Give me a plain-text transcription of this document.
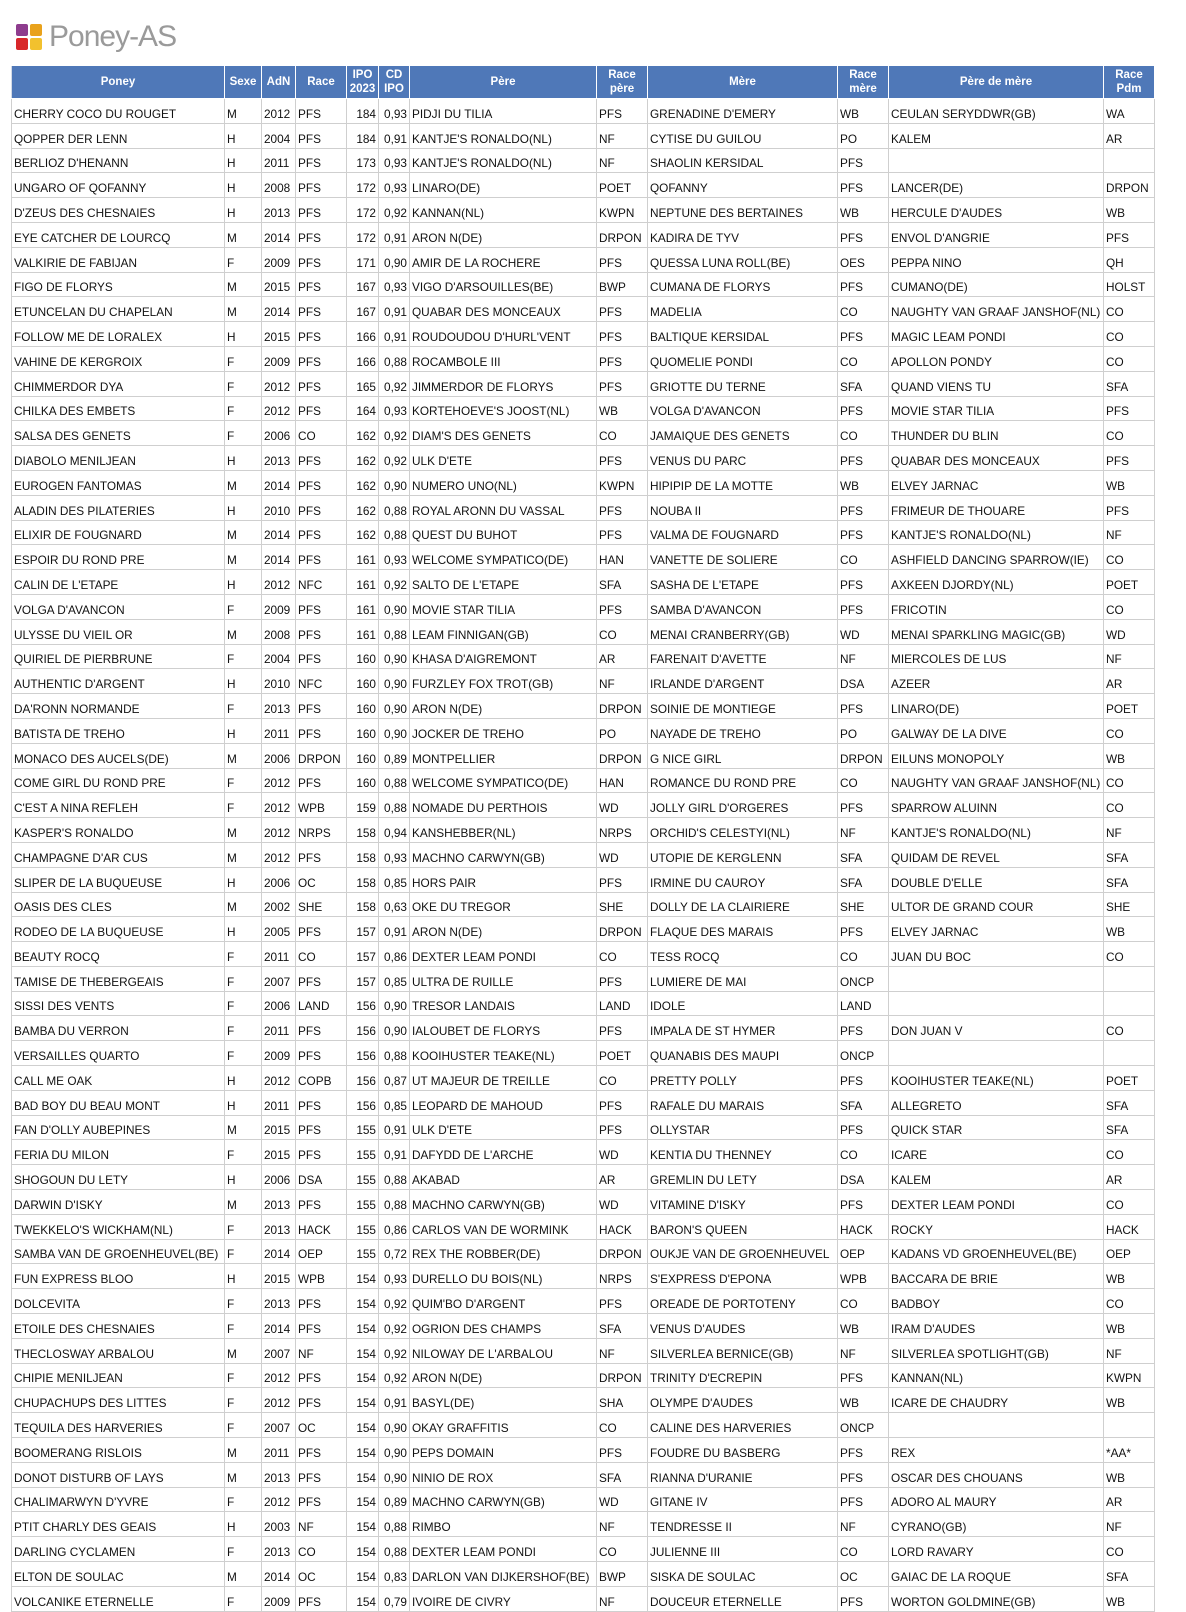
Poney-AS
Poney	Sexe	AdN	Race	IPO
2023	CD
IPO	Père	Race
père	Mère	Race
mère	Père de mère	Race
Pdm
CHERRY COCO DU ROUGET	M	2012	PFS	184	0,93	PIDJI DU TILIA	PFS	GRENADINE D'EMERY	WB	CEULAN SERYDDWR(GB)	WA
QOPPER DER LENN	H	2004	PFS	184	0,91	KANTJE'S RONALDO(NL)	NF	CYTISE DU GUILOU	PO	KALEM	AR
BERLIOZ D'HENANN	H	2011	PFS	173	0,93	KANTJE'S RONALDO(NL)	NF	SHAOLIN KERSIDAL	PFS		
UNGARO OF QOFANNY	H	2008	PFS	172	0,93	LINARO(DE)	POET	QOFANNY	PFS	LANCER(DE)	DRPON
D'ZEUS DES CHESNAIES	H	2013	PFS	172	0,92	KANNAN(NL)	KWPN	NEPTUNE DES BERTAINES	WB	HERCULE D'AUDES	WB
EYE CATCHER DE LOURCQ	M	2014	PFS	172	0,91	ARON N(DE)	DRPON	KADIRA DE TYV	PFS	ENVOL D'ANGRIE	PFS
VALKIRIE DE FABIJAN	F	2009	PFS	171	0,90	AMIR DE LA ROCHERE	PFS	QUESSA LUNA ROLL(BE)	OES	PEPPA NINO	QH
FIGO DE FLORYS	M	2015	PFS	167	0,93	VIGO D'ARSOUILLES(BE)	BWP	CUMANA DE FLORYS	PFS	CUMANO(DE)	HOLST
ETUNCELAN DU CHAPELAN	M	2014	PFS	167	0,91	QUABAR DES MONCEAUX	PFS	MADELIA	CO	NAUGHTY VAN GRAAF JANSHOF(NL)	CO
FOLLOW ME DE LORALEX	H	2015	PFS	166	0,91	ROUDOUDOU D'HURL'VENT	PFS	BALTIQUE KERSIDAL	PFS	MAGIC LEAM PONDI	CO
VAHINE DE KERGROIX	F	2009	PFS	166	0,88	ROCAMBOLE III	PFS	QUOMELIE PONDI	CO	APOLLON PONDY	CO
CHIMMERDOR DYA	F	2012	PFS	165	0,92	JIMMERDOR DE FLORYS	PFS	GRIOTTE DU TERNE	SFA	QUAND VIENS TU	SFA
CHILKA DES EMBETS	F	2012	PFS	164	0,93	KORTEHOEVE'S JOOST(NL)	WB	VOLGA D'AVANCON	PFS	MOVIE STAR TILIA	PFS
SALSA DES GENETS	F	2006	CO	162	0,92	DIAM'S DES GENETS	CO	JAMAIQUE DES GENETS	CO	THUNDER DU BLIN	CO
DIABOLO MENILJEAN	H	2013	PFS	162	0,92	ULK D'ETE	PFS	VENUS DU PARC	PFS	QUABAR DES MONCEAUX	PFS
EUROGEN FANTOMAS	M	2014	PFS	162	0,90	NUMERO UNO(NL)	KWPN	HIPIPIP DE LA MOTTE	WB	ELVEY JARNAC	WB
ALADIN DES PILATERIES	H	2010	PFS	162	0,88	ROYAL ARONN DU VASSAL	PFS	NOUBA II	PFS	FRIMEUR DE THOUARE	PFS
ELIXIR DE FOUGNARD	M	2014	PFS	162	0,88	QUEST DU BUHOT	PFS	VALMA DE FOUGNARD	PFS	KANTJE'S RONALDO(NL)	NF
ESPOIR DU ROND PRE	M	2014	PFS	161	0,93	WELCOME SYMPATICO(DE)	HAN	VANETTE DE SOLIERE	CO	ASHFIELD DANCING SPARROW(IE)	CO
CALIN DE L'ETAPE	H	2012	NFC	161	0,92	SALTO DE L'ETAPE	SFA	SASHA DE L'ETAPE	PFS	AXKEEN DJORDY(NL)	POET
VOLGA D'AVANCON	F	2009	PFS	161	0,90	MOVIE STAR TILIA	PFS	SAMBA D'AVANCON	PFS	FRICOTIN	CO
ULYSSE DU VIEIL OR	M	2008	PFS	161	0,88	LEAM FINNIGAN(GB)	CO	MENAI CRANBERRY(GB)	WD	MENAI SPARKLING MAGIC(GB)	WD
QUIRIEL DE PIERBRUNE	F	2004	PFS	160	0,90	KHASA D'AIGREMONT	AR	FARENAIT D'AVETTE	NF	MIERCOLES DE LUS	NF
AUTHENTIC D'ARGENT	H	2010	NFC	160	0,90	FURZLEY FOX TROT(GB)	NF	IRLANDE D'ARGENT	DSA	AZEER	AR
DA'RONN NORMANDE	F	2013	PFS	160	0,90	ARON N(DE)	DRPON	SOINIE DE MONTIEGE	PFS	LINARO(DE)	POET
BATISTA DE TREHO	H	2011	PFS	160	0,90	JOCKER DE TREHO	PO	NAYADE DE TREHO	PO	GALWAY DE LA DIVE	CO
MONACO DES AUCELS(DE)	M	2006	DRPON	160	0,89	MONTPELLIER	DRPON	G NICE GIRL	DRPON	EILUNS MONOPOLY	WB
COME GIRL DU ROND PRE	F	2012	PFS	160	0,88	WELCOME SYMPATICO(DE)	HAN	ROMANCE DU ROND PRE	CO	NAUGHTY VAN GRAAF JANSHOF(NL)	CO
C'EST A NINA REFLEH	F	2012	WPB	159	0,88	NOMADE DU PERTHOIS	WD	JOLLY GIRL D'ORGERES	PFS	SPARROW ALUINN	CO
KASPER'S RONALDO	M	2012	NRPS	158	0,94	KANSHEBBER(NL)	NRPS	ORCHID'S CELESTYI(NL)	NF	KANTJE'S RONALDO(NL)	NF
CHAMPAGNE D'AR CUS	M	2012	PFS	158	0,93	MACHNO CARWYN(GB)	WD	UTOPIE DE KERGLENN	SFA	QUIDAM DE REVEL	SFA
SLIPER DE LA BUQUEUSE	H	2006	OC	158	0,85	HORS PAIR	PFS	IRMINE DU CAUROY	SFA	DOUBLE D'ELLE	SFA
OASIS DES CLES	M	2002	SHE	158	0,63	OKE DU TREGOR	SHE	DOLLY DE LA CLAIRIERE	SHE	ULTOR DE GRAND COUR	SHE
RODEO DE LA BUQUEUSE	H	2005	PFS	157	0,91	ARON N(DE)	DRPON	FLAQUE DES MARAIS	PFS	ELVEY JARNAC	WB
BEAUTY ROCQ	F	2011	CO	157	0,86	DEXTER LEAM PONDI	CO	TESS ROCQ	CO	JUAN DU BOC	CO
TAMISE DE THEBERGEAIS	F	2007	PFS	157	0,85	ULTRA DE RUILLE	PFS	LUMIERE DE MAI	ONCP		
SISSI DES VENTS	F	2006	LAND	156	0,90	TRESOR LANDAIS	LAND	IDOLE	LAND		
BAMBA DU VERRON	F	2011	PFS	156	0,90	IALOUBET DE FLORYS	PFS	IMPALA DE ST HYMER	PFS	DON JUAN V	CO
VERSAILLES QUARTO	F	2009	PFS	156	0,88	KOOIHUSTER TEAKE(NL)	POET	QUANABIS DES MAUPI	ONCP		
CALL ME OAK	H	2012	COPB	156	0,87	UT MAJEUR DE TREILLE	CO	PRETTY POLLY	PFS	KOOIHUSTER TEAKE(NL)	POET
BAD BOY DU BEAU MONT	H	2011	PFS	156	0,85	LEOPARD DE MAHOUD	PFS	RAFALE DU MARAIS	SFA	ALLEGRETO	SFA
FAN D'OLLY AUBEPINES	M	2015	PFS	155	0,91	ULK D'ETE	PFS	OLLYSTAR	PFS	QUICK STAR	SFA
FERIA DU MILON	F	2015	PFS	155	0,91	DAFYDD DE L'ARCHE	WD	KENTIA DU THENNEY	CO	ICARE	CO
SHOGOUN DU LETY	H	2006	DSA	155	0,88	AKABAD	AR	GREMLIN DU LETY	DSA	KALEM	AR
DARWIN D'ISKY	M	2013	PFS	155	0,88	MACHNO CARWYN(GB)	WD	VITAMINE D'ISKY	PFS	DEXTER LEAM PONDI	CO
TWEKKELO'S WICKHAM(NL)	F	2013	HACK	155	0,86	CARLOS VAN DE WORMINK	HACK	BARON'S QUEEN	HACK	ROCKY	HACK
SAMBA VAN DE GROENHEUVEL(BE)	F	2014	OEP	155	0,72	REX THE ROBBER(DE)	DRPON	OUKJE VAN DE GROENHEUVEL	OEP	KADANS VD GROENHEUVEL(BE)	OEP
FUN EXPRESS BLOO	H	2015	WPB	154	0,93	DURELLO DU BOIS(NL)	NRPS	S'EXPRESS D'EPONA	WPB	BACCARA DE BRIE	WB
DOLCEVITA	F	2013	PFS	154	0,92	QUIM'BO D'ARGENT	PFS	OREADE DE PORTOTENY	CO	BADBOY	CO
ETOILE DES CHESNAIES	F	2014	PFS	154	0,92	OGRION DES CHAMPS	SFA	VENUS D'AUDES	WB	IRAM D'AUDES	WB
THECLOSWAY ARBALOU	M	2007	NF	154	0,92	NILOWAY DE L'ARBALOU	NF	SILVERLEA BERNICE(GB)	NF	SILVERLEA SPOTLIGHT(GB)	NF
CHIPIE MENILJEAN	F	2012	PFS	154	0,92	ARON N(DE)	DRPON	TRINITY D'ECREPIN	PFS	KANNAN(NL)	KWPN
CHUPACHUPS DES LITTES	F	2012	PFS	154	0,91	BASYL(DE)	SHA	OLYMPE D'AUDES	WB	ICARE DE CHAUDRY	WB
TEQUILA DES HARVERIES	F	2007	OC	154	0,90	OKAY GRAFFITIS	CO	CALINE DES HARVERIES	ONCP		
BOOMERANG RISLOIS	M	2011	PFS	154	0,90	PEPS DOMAIN	PFS	FOUDRE DU BASBERG	PFS	REX	*AA*
DONOT DISTURB OF LAYS	M	2013	PFS	154	0,90	NINIO DE ROX	SFA	RIANNA D'URANIE	PFS	OSCAR DES CHOUANS	WB
CHALIMARWYN D'YVRE	F	2012	PFS	154	0,89	MACHNO CARWYN(GB)	WD	GITANE IV	PFS	ADORO AL MAURY	AR
PTIT CHARLY DES GEAIS	H	2003	NF	154	0,88	RIMBO	NF	TENDRESSE II	NF	CYRANO(GB)	NF
DARLING CYCLAMEN	F	2013	CO	154	0,88	DEXTER LEAM PONDI	CO	JULIENNE III	CO	LORD RAVARY	CO
ELTON DE SOULAC	M	2014	OC	154	0,83	DARLON VAN DIJKERSHOF(BE)	BWP	SISKA DE SOULAC	OC	GAIAC DE LA ROQUE	SFA
VOLCANIKE ETERNELLE	F	2009	PFS	154	0,79	IVOIRE DE CIVRY	NF	DOUCEUR ETERNELLE	PFS	WORTON GOLDMINE(GB)	WB
